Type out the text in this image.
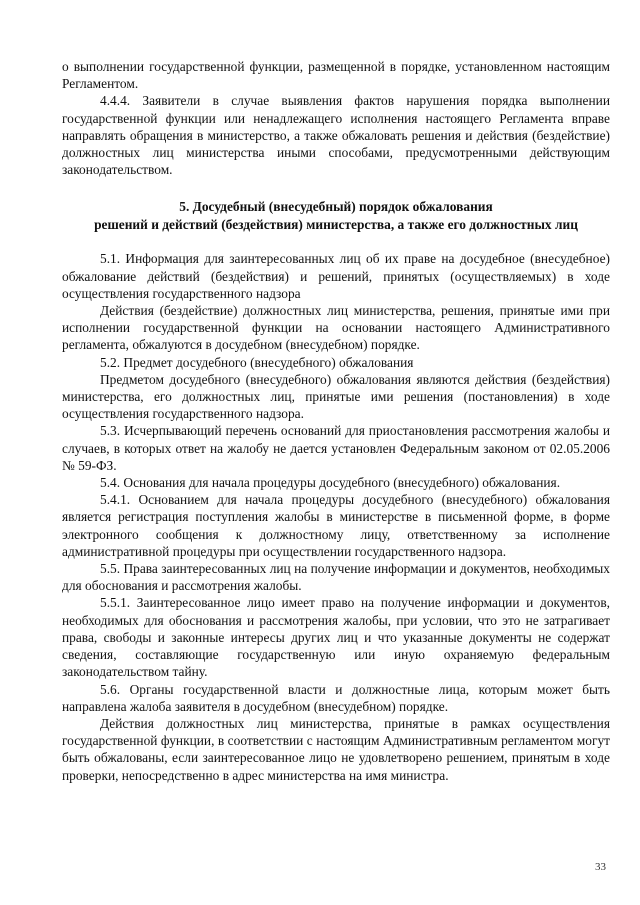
о выполнении государственной функции, размещенной в порядке, установленном настоящим Регламентом.

4.4.4. Заявители в случае выявления фактов нарушения порядка выполнении государственной функции или ненадлежащего исполнения настоящего Регламента вправе направлять обращения в министерство, а также обжаловать решения и действия (бездействие) должностных лиц министерства иными способами, предусмотренными действующим законодательством.

5. Досудебный (внесудебный) порядок обжалования
решений и действий (бездействия) министерства, а также его должностных лиц

5.1. Информация для заинтересованных лиц об их праве на досудебное (внесудебное) обжалование действий (бездействия) и решений, принятых (осуществляемых) в ходе осуществления государственного надзора

Действия (бездействие) должностных лиц министерства, решения, принятые ими при исполнении государственной функции на основании настоящего Административного регламента, обжалуются в досудебном (внесудебном) порядке.

5.2. Предмет досудебного (внесудебного) обжалования

Предметом досудебного (внесудебного) обжалования являются действия (бездействия) министерства, его должностных лиц, принятые ими решения (постановления) в ходе осуществления государственного надзора.

5.3. Исчерпывающий перечень оснований для приостановления рассмотрения жалобы и случаев, в которых ответ на жалобу не дается установлен Федеральным законом от 02.05.2006 № 59-ФЗ.

5.4. Основания для начала процедуры досудебного (внесудебного) обжалования.

5.4.1. Основанием для начала процедуры досудебного (внесудебного) обжалования является регистрация поступления жалобы в министерстве в письменной форме, в форме электронного сообщения к должностному лицу, ответственному за исполнение административной процедуры при осуществлении государственного надзора.

5.5. Права заинтересованных лиц на получение информации и документов, необходимых для обоснования и рассмотрения жалобы.

5.5.1. Заинтересованное лицо имеет право на получение информации и документов, необходимых для обоснования и рассмотрения жалобы, при условии, что это не затрагивает права, свободы и законные интересы других лиц и что указанные документы не содержат сведения, составляющие государственную или иную охраняемую федеральным законодательством тайну.

5.6. Органы государственной власти и должностные лица, которым может быть направлена жалоба заявителя в досудебном (внесудебном) порядке.

Действия должностных лиц министерства, принятые в рамках осуществления государственной функции, в соответствии с настоящим Административным регламентом могут быть обжалованы, если заинтересованное лицо не удовлетворено решением, принятым в ходе проверки, непосредственно в адрес министерства на имя министра.

33
